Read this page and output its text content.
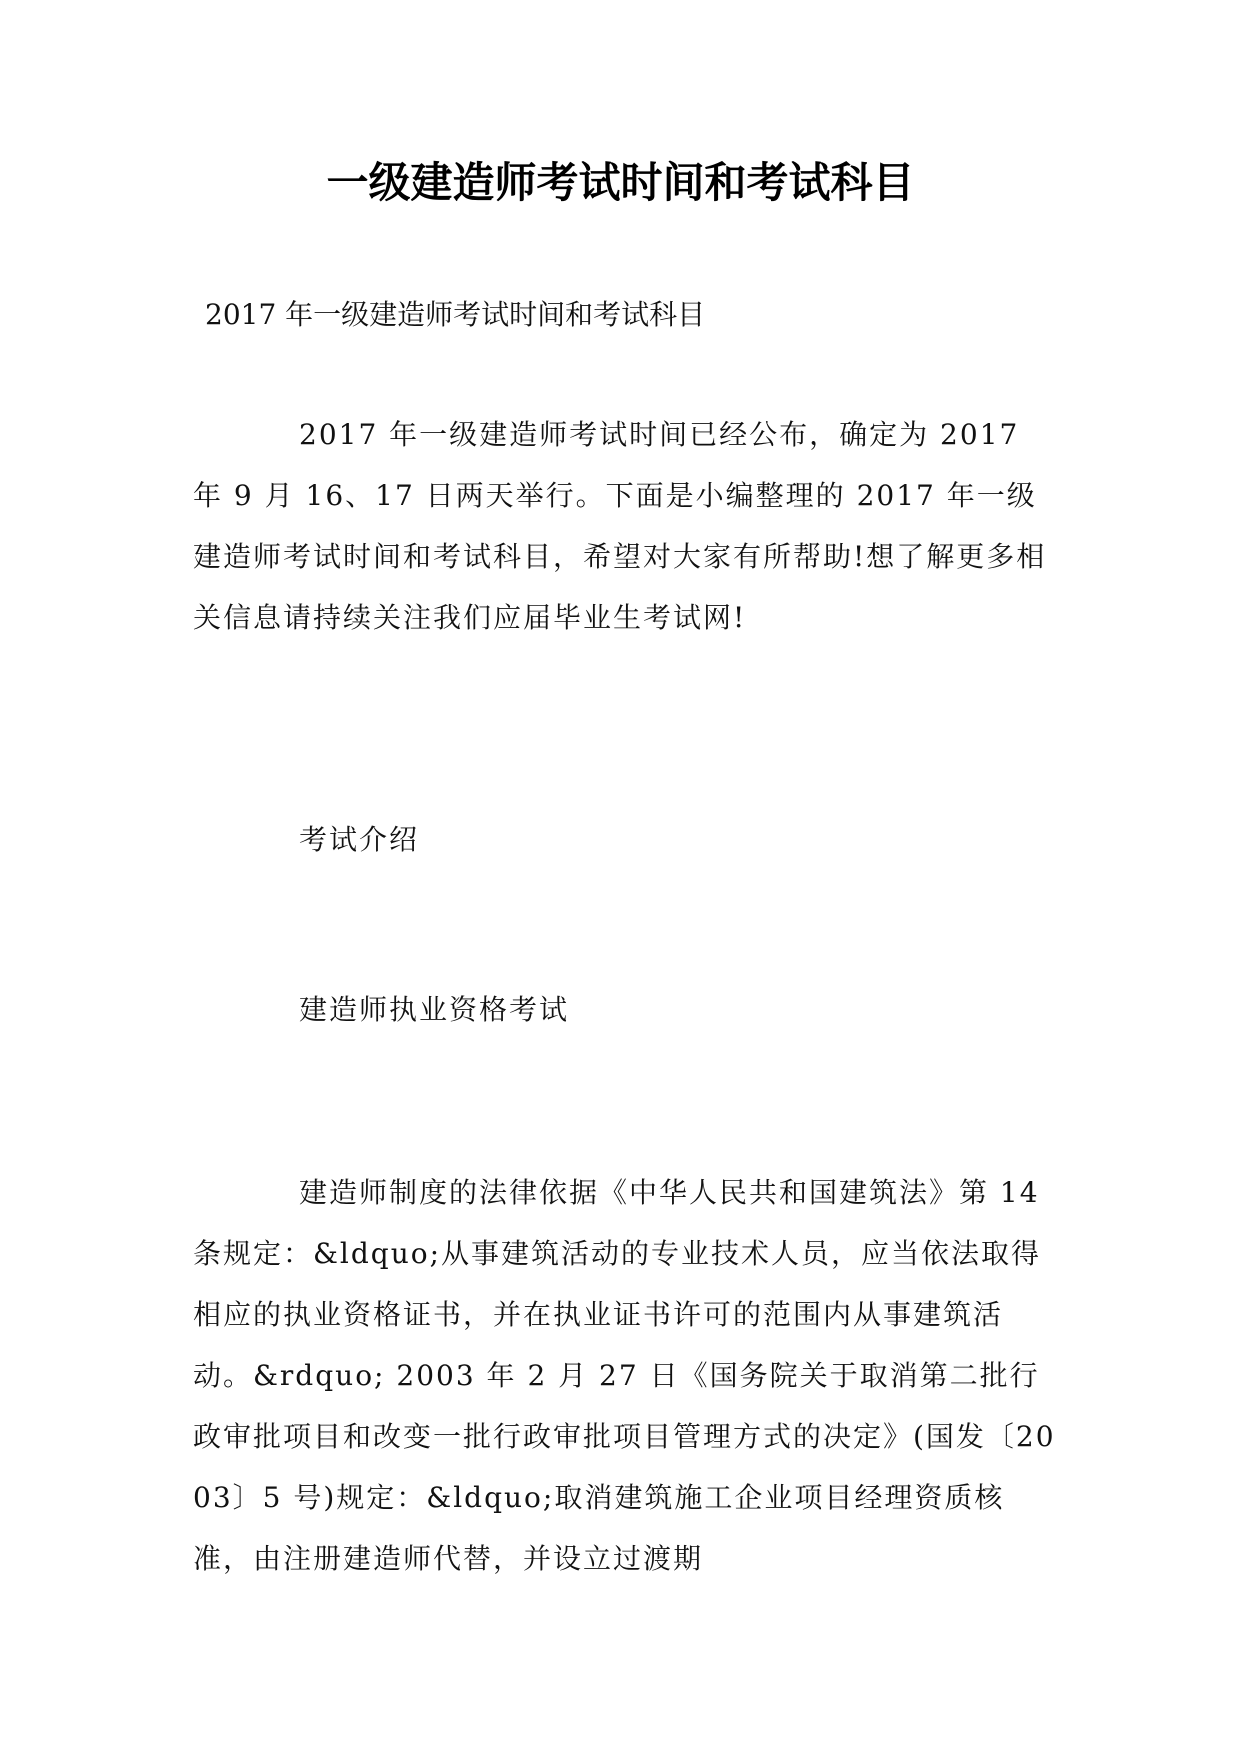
一级建造师考试时间和考试科目

2017 年一级建造师考试时间和考试科目

2017 年一级建造师考试时间已经公布，确定为 2017 年 9 月 16、17 日两天举行。下面是小编整理的 2017 年一级建造师考试时间和考试科目，希望对大家有所帮助!想了解更多相关信息请持续关注我们应届毕业生考试网!

考试介绍

建造师执业资格考试

建造师制度的法律依据《中华人民共和国建筑法》第 14 条规定：&ldquo;从事建筑活动的专业技术人员，应当依法取得相应的执业资格证书，并在执业证书许可的范围内从事建筑活动。&rdquo; 2003 年 2 月 27 日《国务院关于取消第二批行政审批项目和改变一批行政审批项目管理方式的决定》(国发〔2003〕5 号)规定：&ldquo;取消建筑施工企业项目经理资质核准，由注册建造师代替，并设立过渡期
